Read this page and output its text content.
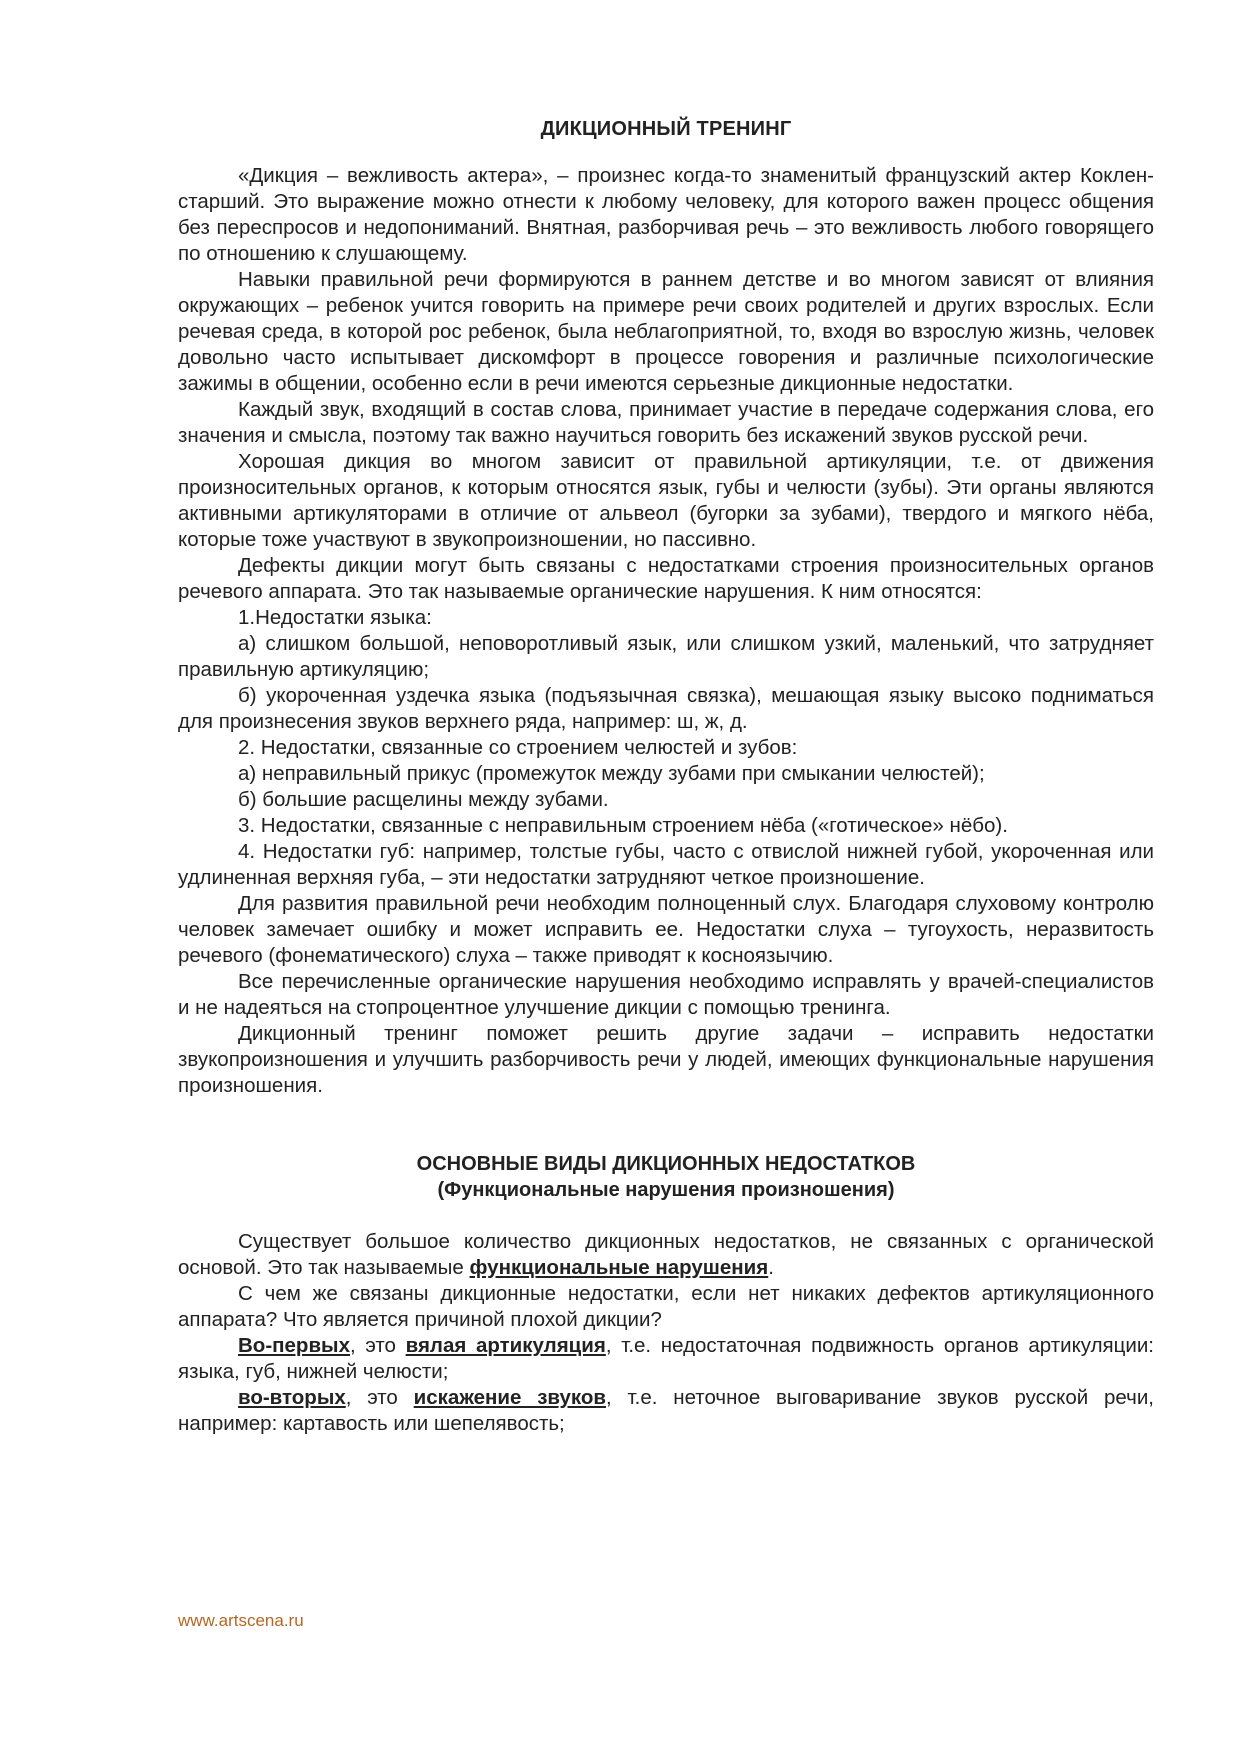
ДИКЦИОННЫЙ ТРЕНИНГ

«Дикция – вежливость актера», – произнес когда-то знаменитый французский актер Коклен-старший. Это выражение можно отнести к любому человеку, для которого важен процесс общения без переспросов и недопониманий. Внятная, разборчивая речь – это вежливость любого говорящего по отношению к слушающему.

Навыки правильной речи формируются в раннем детстве и во многом зависят от влияния окружающих – ребенок учится говорить на примере речи своих родителей и других взрослых. Если речевая среда, в которой рос ребенок, была неблагоприятной, то, входя во взрослую жизнь, человек довольно часто испытывает дискомфорт в процессе говорения и различные психологические зажимы в общении, особенно если в речи имеются серьезные дикционные недостатки.

Каждый звук, входящий в состав слова, принимает участие в передаче содержания слова, его значения и смысла, поэтому так важно научиться говорить без искажений звуков русской речи.

Хорошая дикция во многом зависит от правильной артикуляции, т.е. от движения произносительных органов, к которым относятся язык, губы и челюсти (зубы). Эти органы являются активными артикуляторами в отличие от альвеол (бугорки за зубами), твердого и мягкого нёба, которые тоже участвуют в звукопроизношении, но пассивно.

Дефекты дикции могут быть связаны с недостатками строения произносительных органов речевого аппарата. Это так называемые органические нарушения. К ним относятся:

1.Недостатки языка:

а) слишком большой, неповоротливый язык, или слишком узкий, маленький, что затрудняет правильную артикуляцию;

б) укороченная уздечка языка (подъязычная связка), мешающая языку высоко подниматься для произнесения звуков верхнего ряда, например: ш, ж, д.

2. Недостатки, связанные со строением челюстей и зубов:

а) неправильный прикус (промежуток между зубами при смыкании челюстей);

б) большие расщелины между зубами.

3. Недостатки, связанные с неправильным строением нёба («готическое» нёбо).

4. Недостатки губ: например, толстые губы, часто с отвислой нижней губой, укороченная или удлиненная верхняя губа, – эти недостатки затрудняют четкое произношение.

Для развития правильной речи необходим полноценный слух. Благодаря слуховому контролю человек замечает ошибку и может исправить ее. Недостатки слуха – тугоухость, неразвитость речевого (фонематического) слуха – также приводят к косноязычию.

Все перечисленные органические нарушения необходимо исправлять у врачей-специалистов и не надеяться на стопроцентное улучшение дикции с помощью тренинга.

Дикционный тренинг поможет решить другие задачи – исправить недостатки звукопроизношения и улучшить разборчивость речи у людей, имеющих функциональные нарушения произношения.

ОСНОВНЫЕ ВИДЫ ДИКЦИОННЫХ НЕДОСТАТКОВ
(Функциональные нарушения произношения)

Существует большое количество дикционных недостатков, не связанных с органической основой. Это так называемые функциональные нарушения.

С чем же связаны дикционные недостатки, если нет никаких дефектов артикуляционного аппарата? Что является причиной плохой дикции?

Во-первых, это вялая артикуляция, т.е. недостаточная подвижность органов артикуляции: языка, губ, нижней челюсти;

во-вторых, это искажение звуков, т.е. неточное выговаривание звуков русской речи, например: картавость или шепелявость;

www.artscena.ru
